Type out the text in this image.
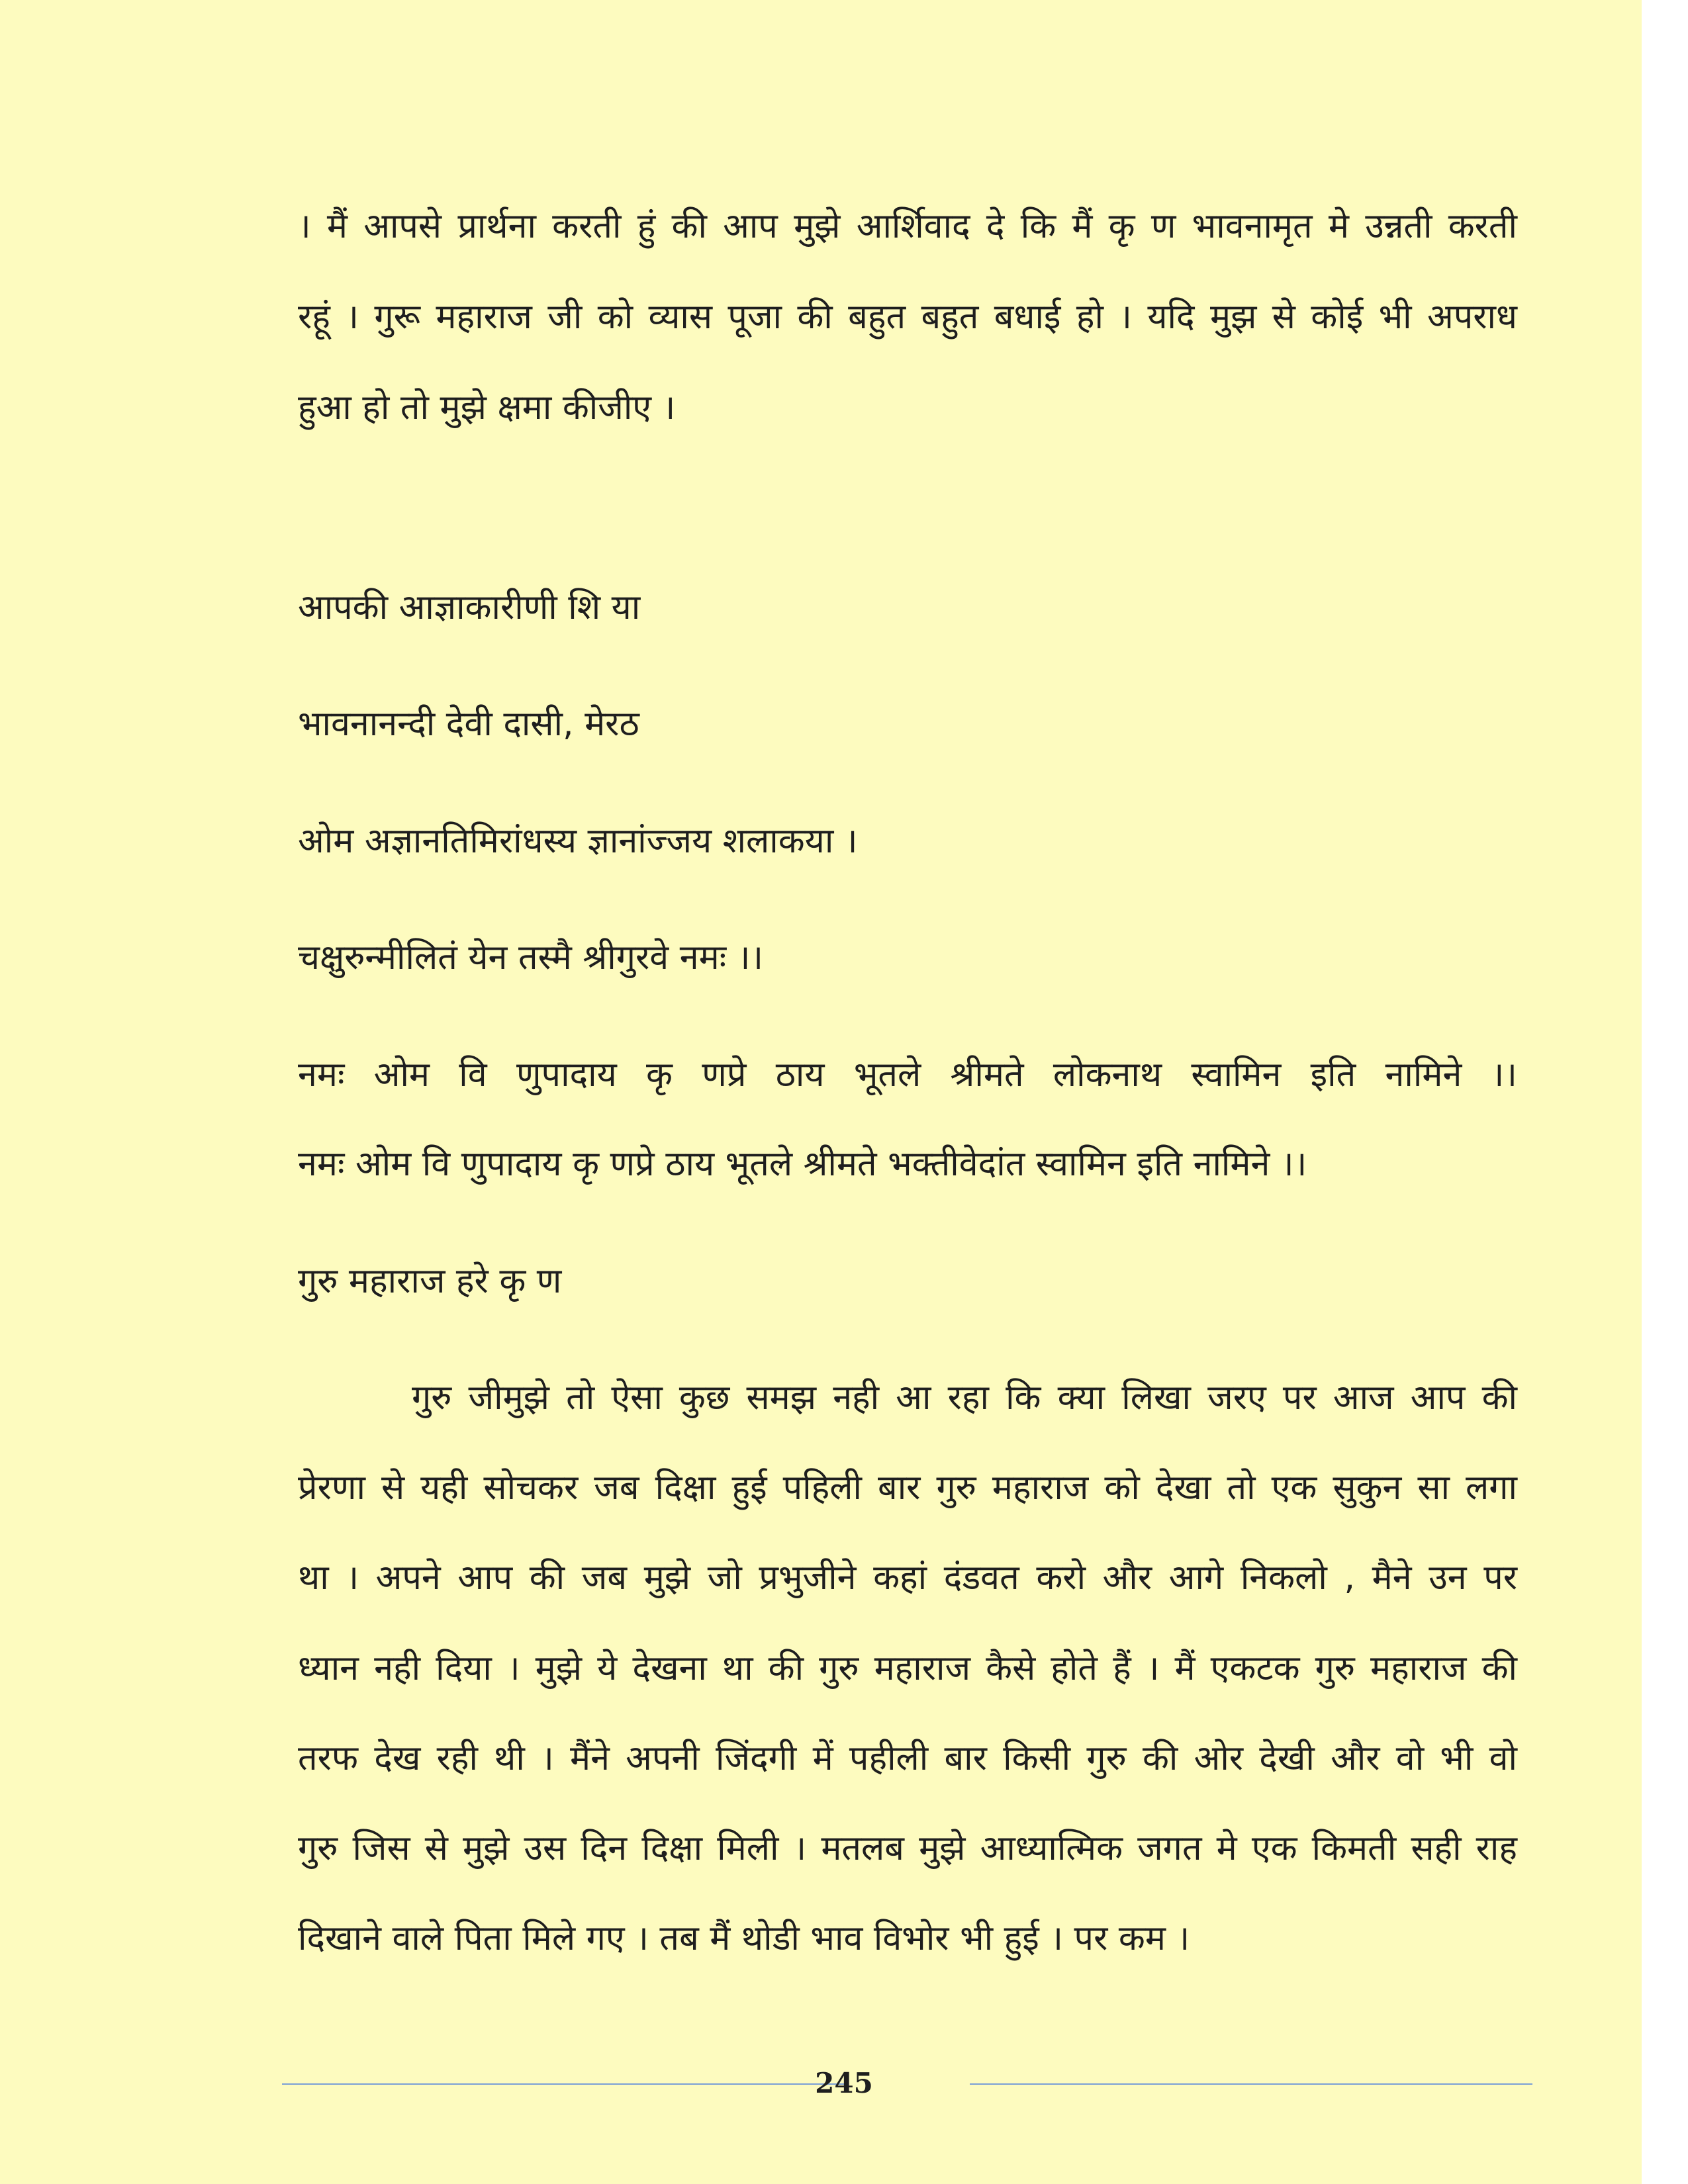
। मैं आपसे प्रार्थना करती हुं की आप मुझे आर्शिवाद दे कि मैं कृ ण भावनामृत मे उन्नती करती
रहूं । गुरू महाराज जी को व्यास पूजा की बहुत बहुत बधाई हो । यदि मुझ से कोई भी अपराध
हुआ हो तो मुझे क्षमा कीजीए ।
आपकी आज्ञाकारीणी शि या
भावनानन्दी देवी दासी, मेरठ
ओम अज्ञानतिमिरांधस्य ज्ञानांज्जय शलाकया ।
चक्षुरुन्मीलितं येन तस्मै श्रीगुरवे नमः ।।
नमः ओम वि णुपादाय कृ णप्रे ठाय भूतले श्रीमते लोकनाथ स्वामिन इति नामिने ।।
नमः ओम वि णुपादाय कृ णप्रे ठाय भूतले श्रीमते भक्तीवेदांत स्वामिन इति नामिने ।।
गुरु महाराज हरे कृ ण
गुरु जीमुझे तो ऐसा कुछ समझ नही आ रहा कि क्या लिखा जरए पर आज आप की
प्रेरणा से यही सोचकर जब दिक्षा हुई पहिली बार गुरु महाराज को देखा तो एक सुकुन सा लगा
था । अपने आप की जब मुझे जो प्रभुजीने कहां दंडवत करो और आगे निकलो , मैने उन पर
ध्यान नही दिया । मुझे ये देखना था की गुरु महाराज कैसे होते हैं । मैं एकटक गुरु महाराज की
तरफ देख रही थी । मैंने अपनी जिंदगी में पहीली बार किसी गुरु की ओर देखी और वो भी वो
गुरु जिस से मुझे उस दिन दिक्षा मिली । मतलब मुझे आध्यात्मिक जगत मे एक किमती सही राह
दिखाने वाले पिता मिले गए । तब मैं थोडी भाव विभोर भी हुई । पर कम ।
245
